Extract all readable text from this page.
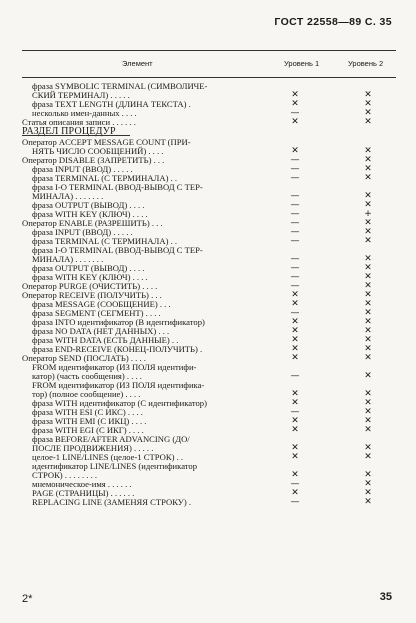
ГОСТ 22558—89 С. 35
Элемент	Уровень 1	Уровень 2
фраза SYMBOLIC TERMINAL (СИМВОЛИЧЕ-
СКИЙ ТЕРМИНАЛ) . . . . .	✕	✕
фраза TEXT LENGTH (ДЛИНА ТЕКСТА) .	✕	✕
несколько имен-данных . . . .	—	✕
Статья описания записи . . . . . .	✕	✕
РАЗДЕЛ ПРОЦЕДУР
Оператор ACCEPT MESSAGE COUNT (ПРИ-
НЯТЬ ЧИСЛО СООБЩЕНИЙ) . . . .	✕	✕
Оператор DISABLE (ЗАПРЕТИТЬ) . . .	—	✕
фраза INPUT (ВВОД) . . . . .	—	✕
фраза TERMINAL (С ТЕРМИНАЛА) . .	—	✕
фраза I-O TERMINAL (ВВОД-ВЫВОД С ТЕР-
МИНАЛА) . . . . . . .	—	✕
фраза OUTPUT (ВЫВОД) . . . .	—	✕
фраза WITH KEY (КЛЮЧ) . . . .	—	+
Оператор ENABLE (РАЗРЕШИТЬ) . . .	—	✕
фраза INPUT (ВВОД) . . . . .	—	✕
фраза TERMINAL (С ТЕРМИНАЛА) . .	—	✕
фраза I-O TERMINAL (ВВОД-ВЫВОД С ТЕР-
МИНАЛА) . . . . . . .	—	✕
фраза OUTPUT (ВЫВОД) . . . .	—	✕
фраза WITH KEY (КЛЮЧ) . . . .	—	✕
Оператор PURGE (ОЧИСТИТЬ) . . . .	—	✕
Оператор RECEIVE (ПОЛУЧИТЬ) . . .	✕	✕
фраза MESSAGE (СООБЩЕНИЕ) . . .	✕	✕
фраза SEGMENT (СЕГМЕНТ) . . . .	—	✕
фраза INTO идентификатор (В идентификатор)	✕	✕
фраза NO DATA (НЕТ ДАННЫХ) . . .	✕	✕
фраза WITH DATA (ЕСТЬ ДАННЫЕ) . .	✕	✕
фраза END-RECEIVE (КОНЕЦ-ПОЛУЧИТЬ) .	✕	✕
Оператор SEND (ПОСЛАТЬ) . . . .	✕	✕
FROM идентификатор (ИЗ ПОЛЯ идентифи-
катор) (часть сообщения) . . . .	—	✕
FROM идентификатор (ИЗ ПОЛЯ идентифика-
тор) (полное сообщение) . . . .	✕	✕
фраза WITH идентификатор (С идентификатор)	✕	✕
фраза WITH ESI (С ИКС) . . . .	—	✕
фраза WITH EMI (С ИКЦ) . . . .	✕	✕
фраза WITH EGI (С ИКГ) . . . .	✕	✕
фраза BEFORE/AFTER ADVANCING (ДО/
ПОСЛЕ ПРОДВИЖЕНИЯ) . . . . .	✕	✕
целое-1 LINE/LINES (целое-1 СТРОК) . .	✕	✕
идентификатор LINE/LINES (идентификатор
СТРОК) . . . . . . . .	✕	✕
мнемоническое-имя . . . . . .	—	✕
PAGE (СТРАНИЦЫ) . . . . . .	✕	✕
REPLACING LINE (ЗАМЕНЯЯ СТРОКУ) .	—	✕
2*	35
